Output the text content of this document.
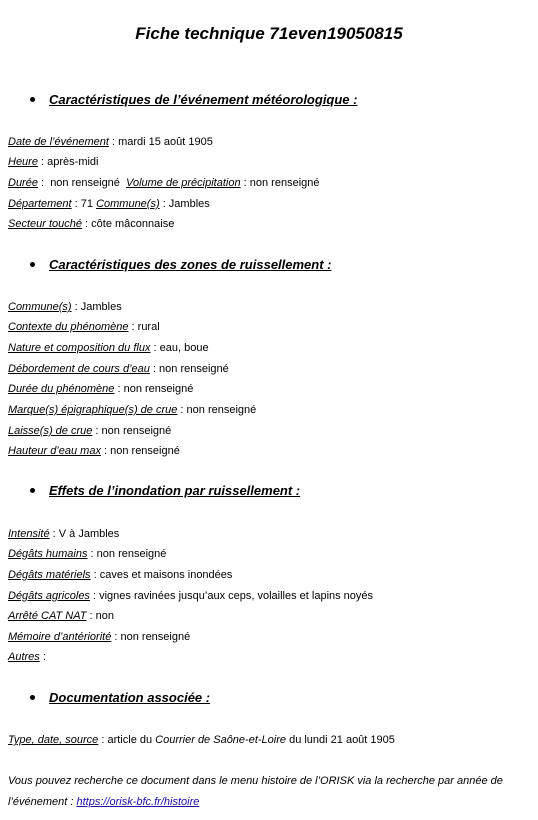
Fiche technique 71even19050815
Caractéristiques de l’événement météorologique :
Date de l’événement : mardi 15 août 1905
Heure : après-midi
Durée :  non renseigné  Volume de précipitation : non renseigné
Département : 71 Commune(s) : Jambles
Secteur touché : côte mâconnaise
Caractéristiques des zones de ruissellement :
Commune(s) : Jambles
Contexte du phénomène : rural
Nature et composition du flux : eau, boue
Débordement de cours d’eau : non renseigné
Durée du phénomène : non renseigné
Marque(s) épigraphique(s) de crue : non renseigné
Laisse(s) de crue : non renseigné
Hauteur d’eau max : non renseigné
Effets de l’inondation par ruissellement :
Intensité : V à Jambles
Dégâts humains : non renseigné
Dégâts matériels : caves et maisons inondées
Dégâts agricoles : vignes ravinées jusqu’aux ceps, volailles et lapins noyés
Arrêté CAT NAT : non
Mémoire d’antériorité : non renseigné
Autres :
Documentation associée :
Type, date, source : article du Courrier de Saône-et-Loire du lundi 21 août 1905
Vous pouvez recherche ce document dans le menu histoire de l’ORISK via la recherche par année de
l’événement : https://orisk-bfc.fr/histoire
